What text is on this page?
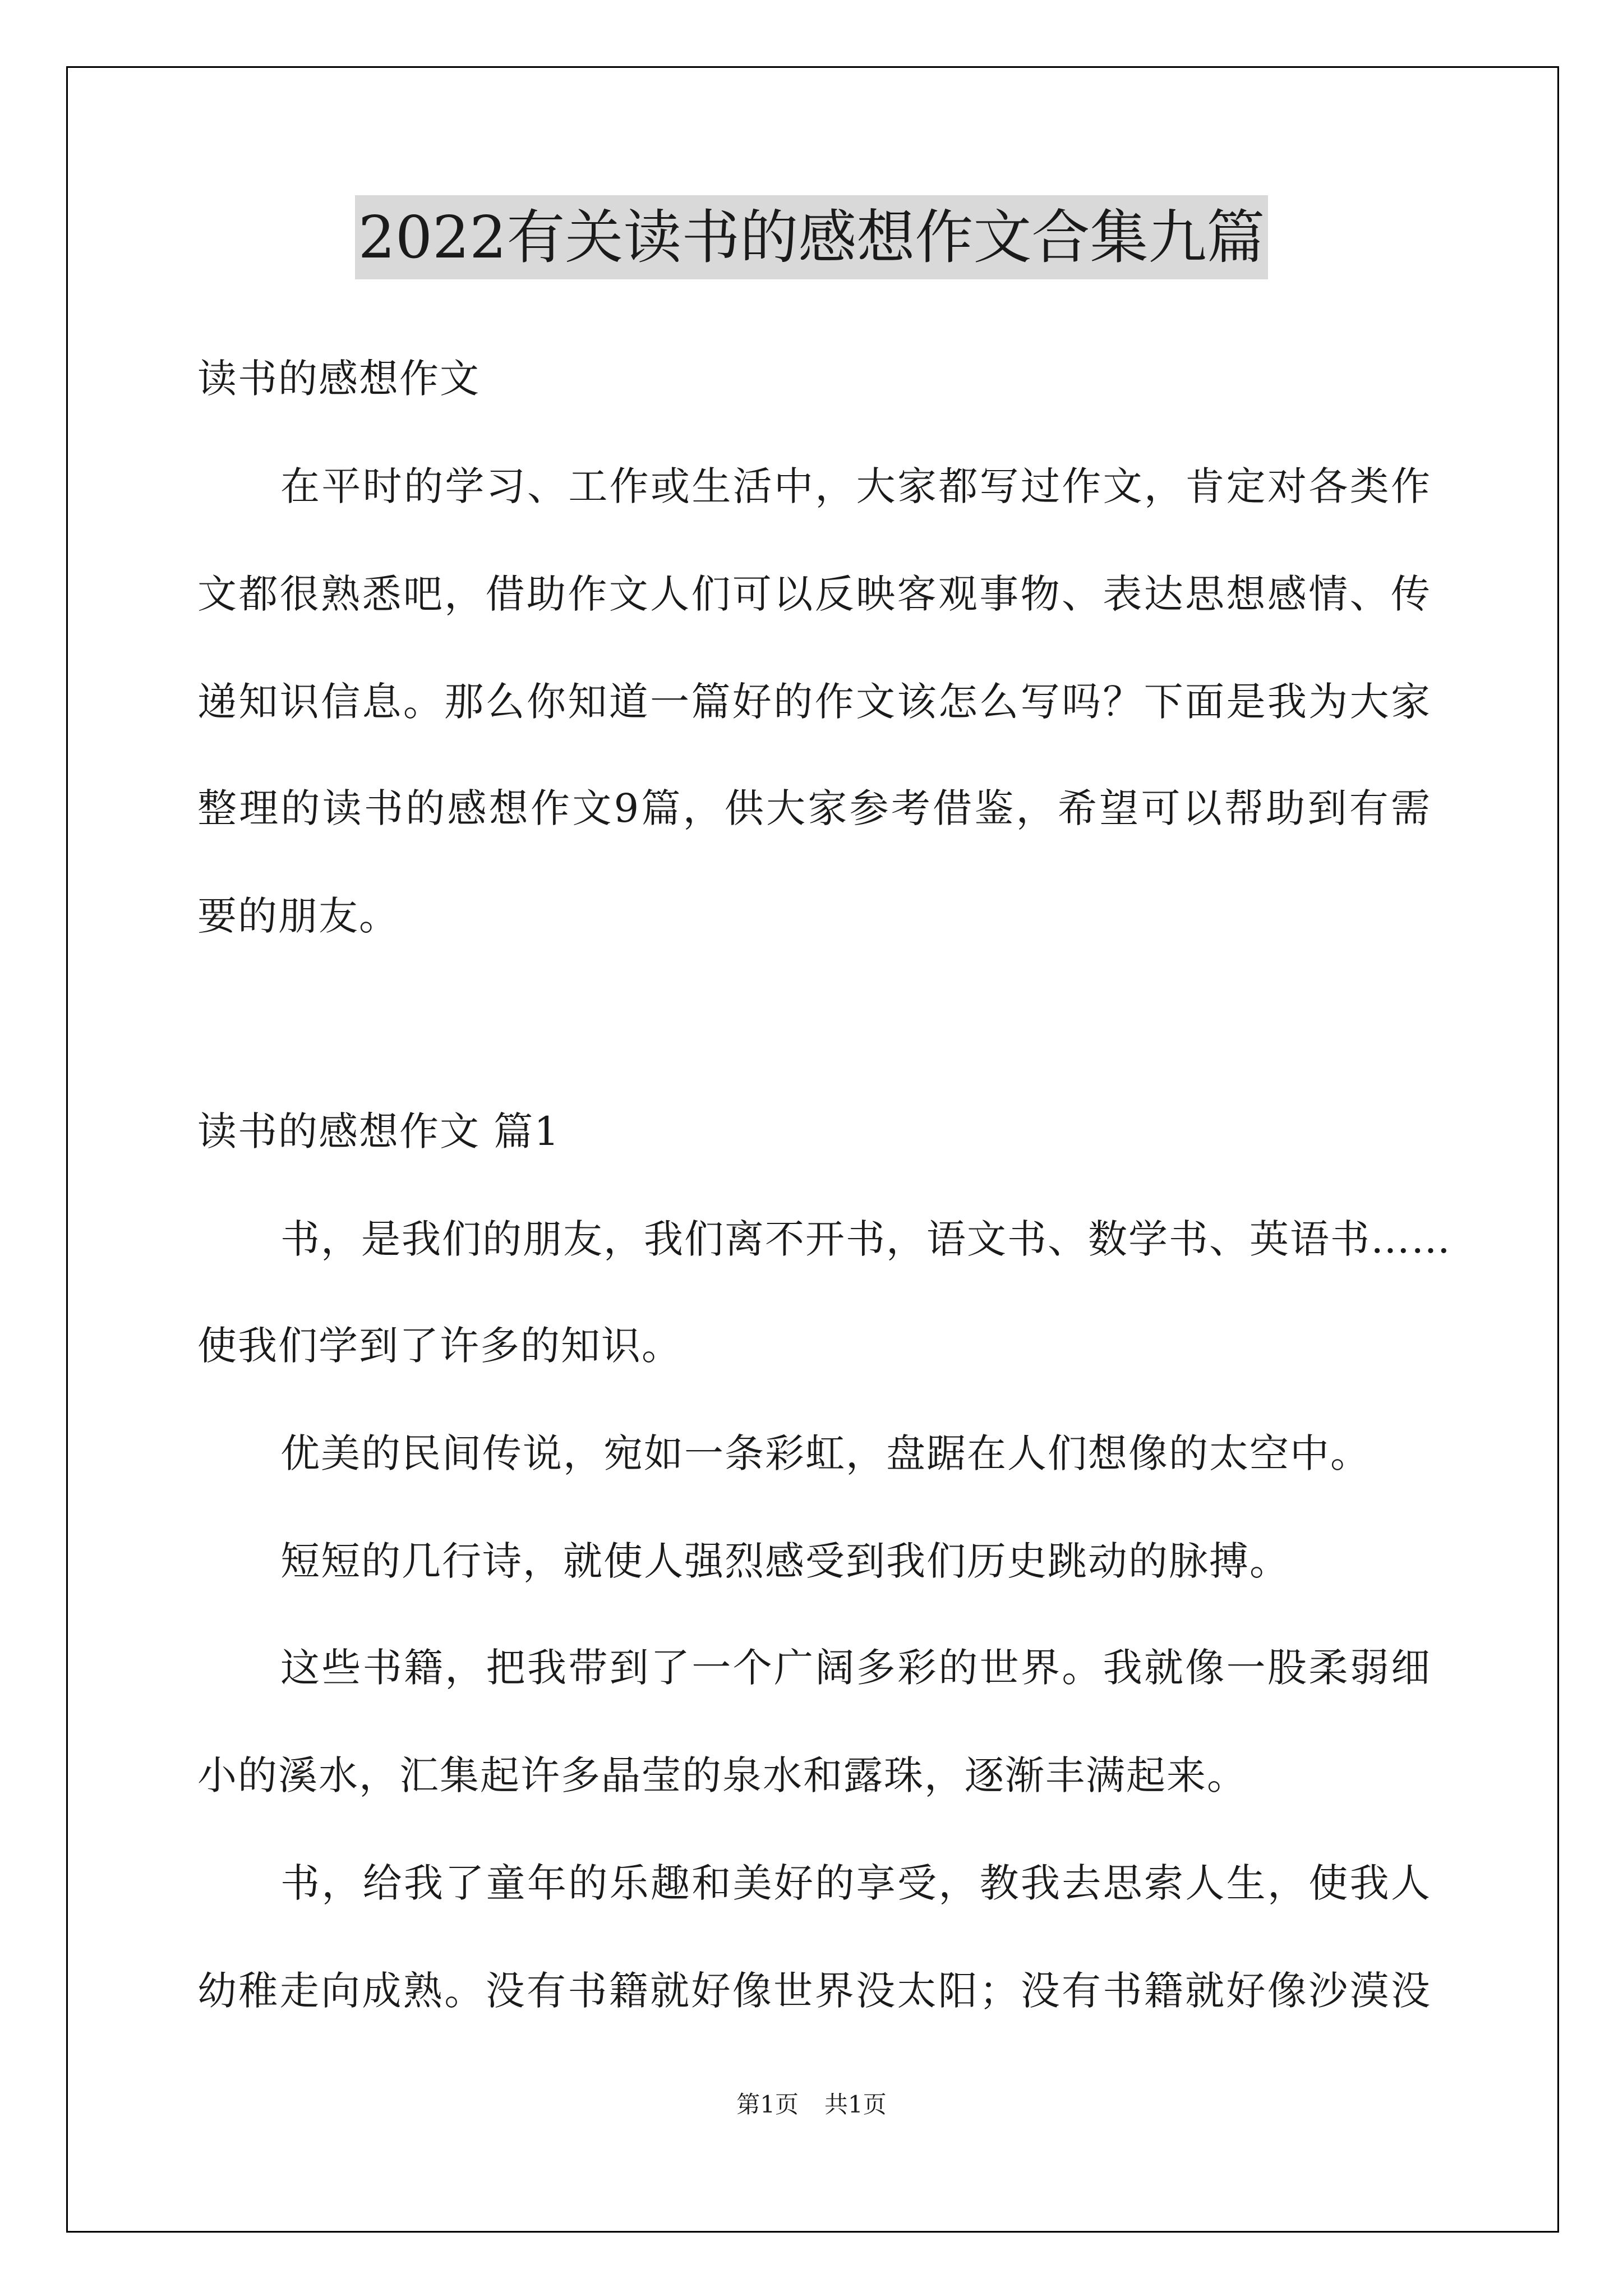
2022有关读书的感想作文合集九篇
读书的感想作文
在平时的学习、工作或生活中，大家都写过作文，肯定对各类作
文都很熟悉吧，借助作文人们可以反映客观事物、表达思想感情、传
递知识信息。那么你知道一篇好的作文该怎么写吗？下面是我为大家
整理的读书的感想作文9篇，供大家参考借鉴，希望可以帮助到有需
要的朋友。
读书的感想作文 篇1
书，是我们的朋友，我们离不开书，语文书、数学书、英语书……
使我们学到了许多的知识。
优美的民间传说，宛如一条彩虹，盘踞在人们想像的太空中。
短短的几行诗，就使人强烈感受到我们历史跳动的脉搏。
这些书籍，把我带到了一个广阔多彩的世界。我就像一股柔弱细
小的溪水，汇集起许多晶莹的泉水和露珠，逐渐丰满起来。
书，给我了童年的乐趣和美好的享受，教我去思索人生，使我人
幼稚走向成熟。没有书籍就好像世界没太阳；没有书籍就好像沙漠没
第1页 共1页
